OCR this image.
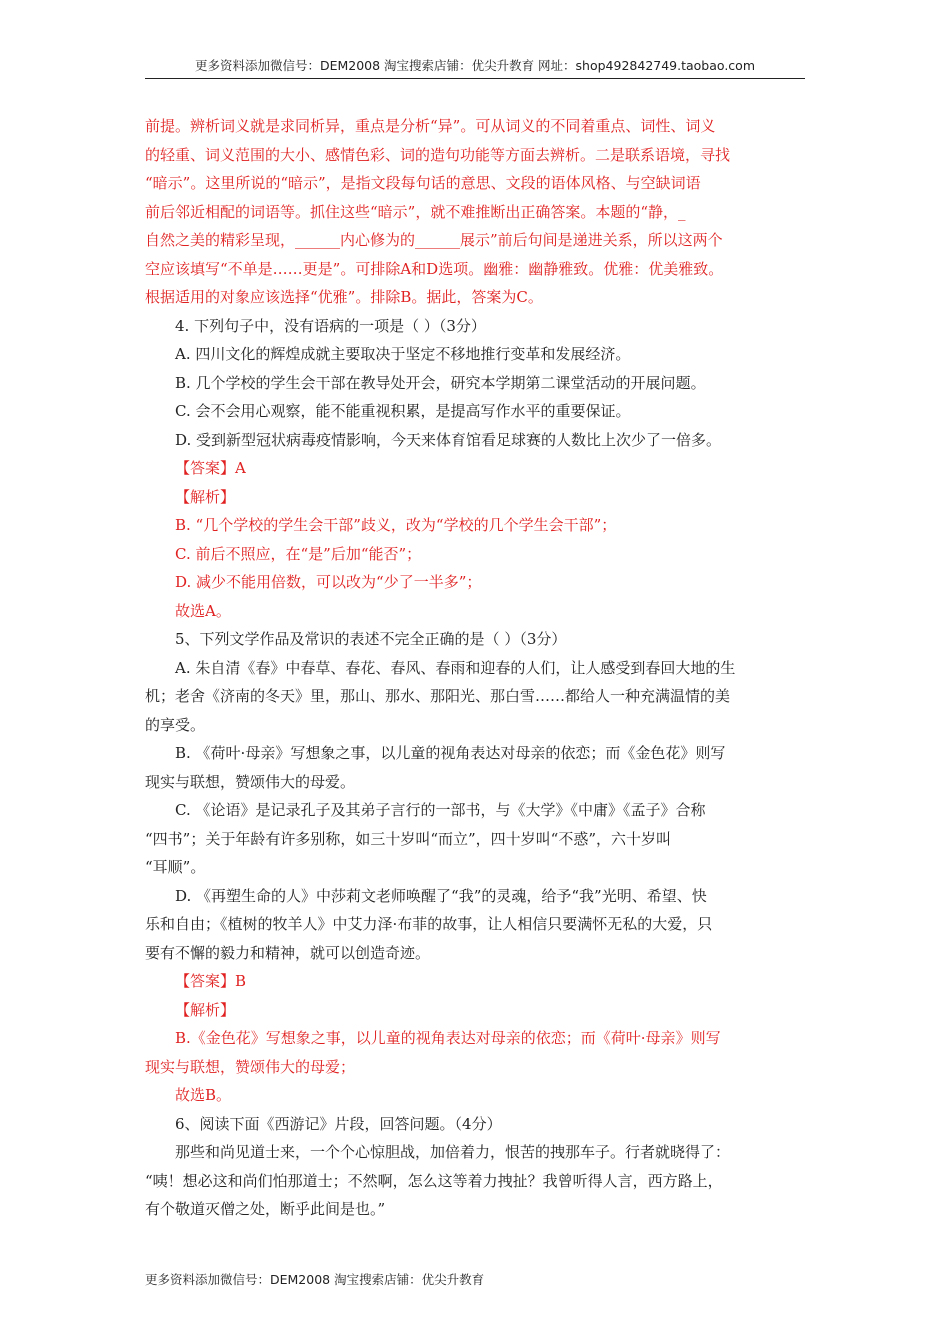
更多资料添加微信号：DEM2008 淘宝搜索店铺：优尖升教育 网址：shop492842749.taobao.com
前提。辨析词义就是求同析异，重点是分析“异”。可从词义的不同着重点、词性、词义
的轻重、词义范围的大小、感情色彩、词的造句功能等方面去辨析。二是联系语境，寻找
“暗示”。这里所说的“暗示”，是指文段每句话的意思、文段的语体风格、与空缺词语
前后邻近相配的词语等。抓住这些“暗示”，就不难推断出正确答案。本题的“静，_
自然之美的精彩呈现，______内心修为的______展示”前后句间是递进关系，所以这两个
空应该填写“不单是……更是”。可排除A和D选项。幽雅：幽静雅致。优雅：优美雅致。
根据适用的对象应该选择“优雅”。排除B。据此，答案为C。
4. 下列句子中，没有语病的一项是（ ）（3分）
A. 四川文化的辉煌成就主要取决于坚定不移地推行变革和发展经济。
B. 几个学校的学生会干部在教导处开会，研究本学期第二课堂活动的开展问题。
C. 会不会用心观察，能不能重视积累，是提高写作水平的重要保证。
D. 受到新型冠状病毒疫情影响，今天来体育馆看足球赛的人数比上次少了一倍多。
【答案】A
【解析】
B. “几个学校的学生会干部”歧义，改为“学校的几个学生会干部”；
C. 前后不照应，在“是”后加“能否”；
D. 减少不能用倍数，可以改为“少了一半多”；
故选A。
5、下列文学作品及常识的表述不完全正确的是（ ）（3分）
A. 朱自清《春》中春草、春花、春风、春雨和迎春的人们，让人感受到春回大地的生
机；老舍《济南的冬天》里，那山、那水、那阳光、那白雪……都给人一种充满温情的美
的享受。
B. 《荷叶·母亲》写想象之事，以儿童的视角表达对母亲的依恋；而《金色花》则写
现实与联想，赞颂伟大的母爱。
C. 《论语》是记录孔子及其弟子言行的一部书，与《大学》《中庸》《孟子》合称
“四书”；关于年龄有许多别称，如三十岁叫“而立”，四十岁叫“不惑”，六十岁叫
“耳顺”。
D. 《再塑生命的人》中莎莉文老师唤醒了“我”的灵魂，给予“我”光明、希望、快
乐和自由；《植树的牧羊人》中艾力泽·布菲的故事，让人相信只要满怀无私的大爱，只
要有不懈的毅力和精神，就可以创造奇迹。
【答案】B
【解析】
B.《金色花》写想象之事，以儿童的视角表达对母亲的依恋；而《荷叶·母亲》则写
现实与联想，赞颂伟大的母爱；
故选B。
6、阅读下面《西游记》片段，回答问题。（4分）
那些和尚见道士来，一个个心惊胆战，加倍着力，恨苦的拽那车子。行者就晓得了：
“咦！想必这和尚们怕那道士；不然啊，怎么这等着力拽扯？我曾听得人言，西方路上，
有个敬道灭僧之处，断乎此间是也。”
更多资料添加微信号：DEM2008 淘宝搜索店铺：优尖升教育
